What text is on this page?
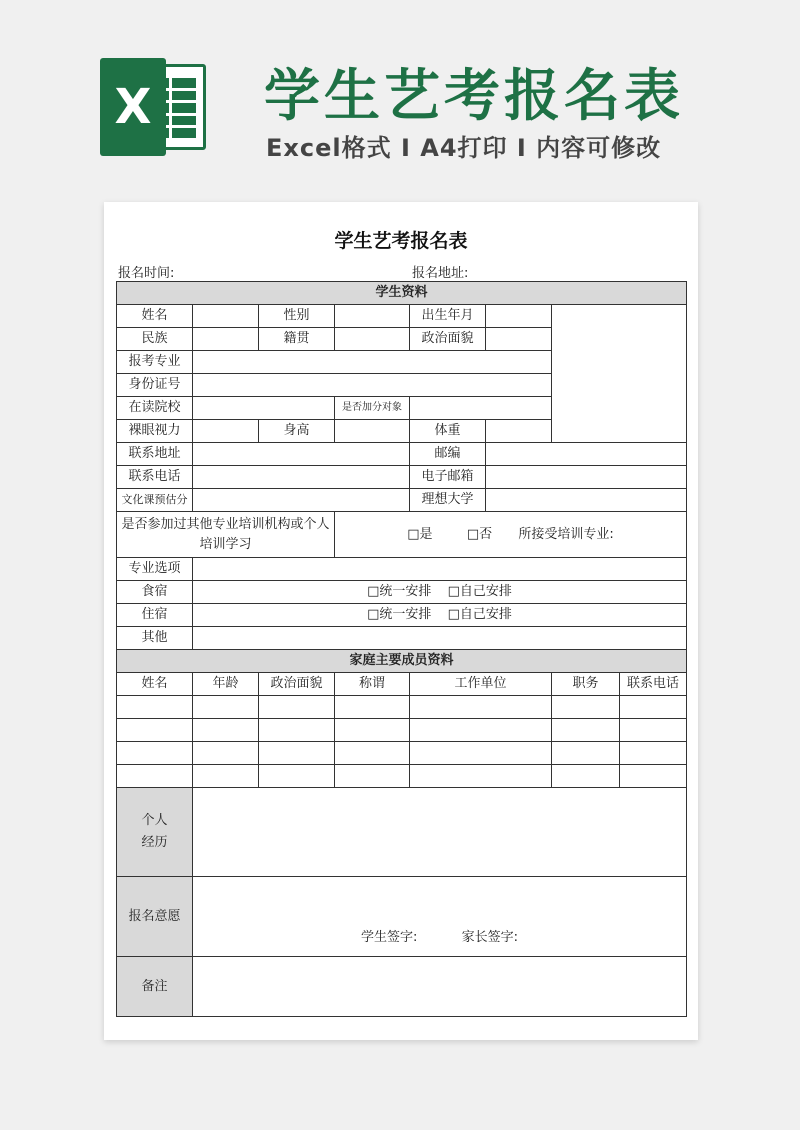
X 学生艺考报名表
Excel格式 Ⅰ A4打印 Ⅰ 内容可修改
学生艺考报名表
报名时间:	报名地址:
学生资料							
姓名		性别		出生年月			
民族		籍贯		政治面貌			
报考专业							
身份证号							
在读院校			是否加分对象				
裸眼视力		身高		体重			
联系地址				邮编			
联系电话				电子邮箱			
文化课预估分				理想大学			
是否参加过其他专业培训机构或个人培训学习			□是 □否 所接受培训专业:				
专业选项							
食宿	□统一安排 □自己安排						
住宿	□统一安排 □自己安排						
其他							
家庭主要成员资料							
姓名	年龄	政治面貌	称谓	工作单位		职务	联系电话

个人
经历							
报名意愿	学生签字: 家长签字:						
备注							
